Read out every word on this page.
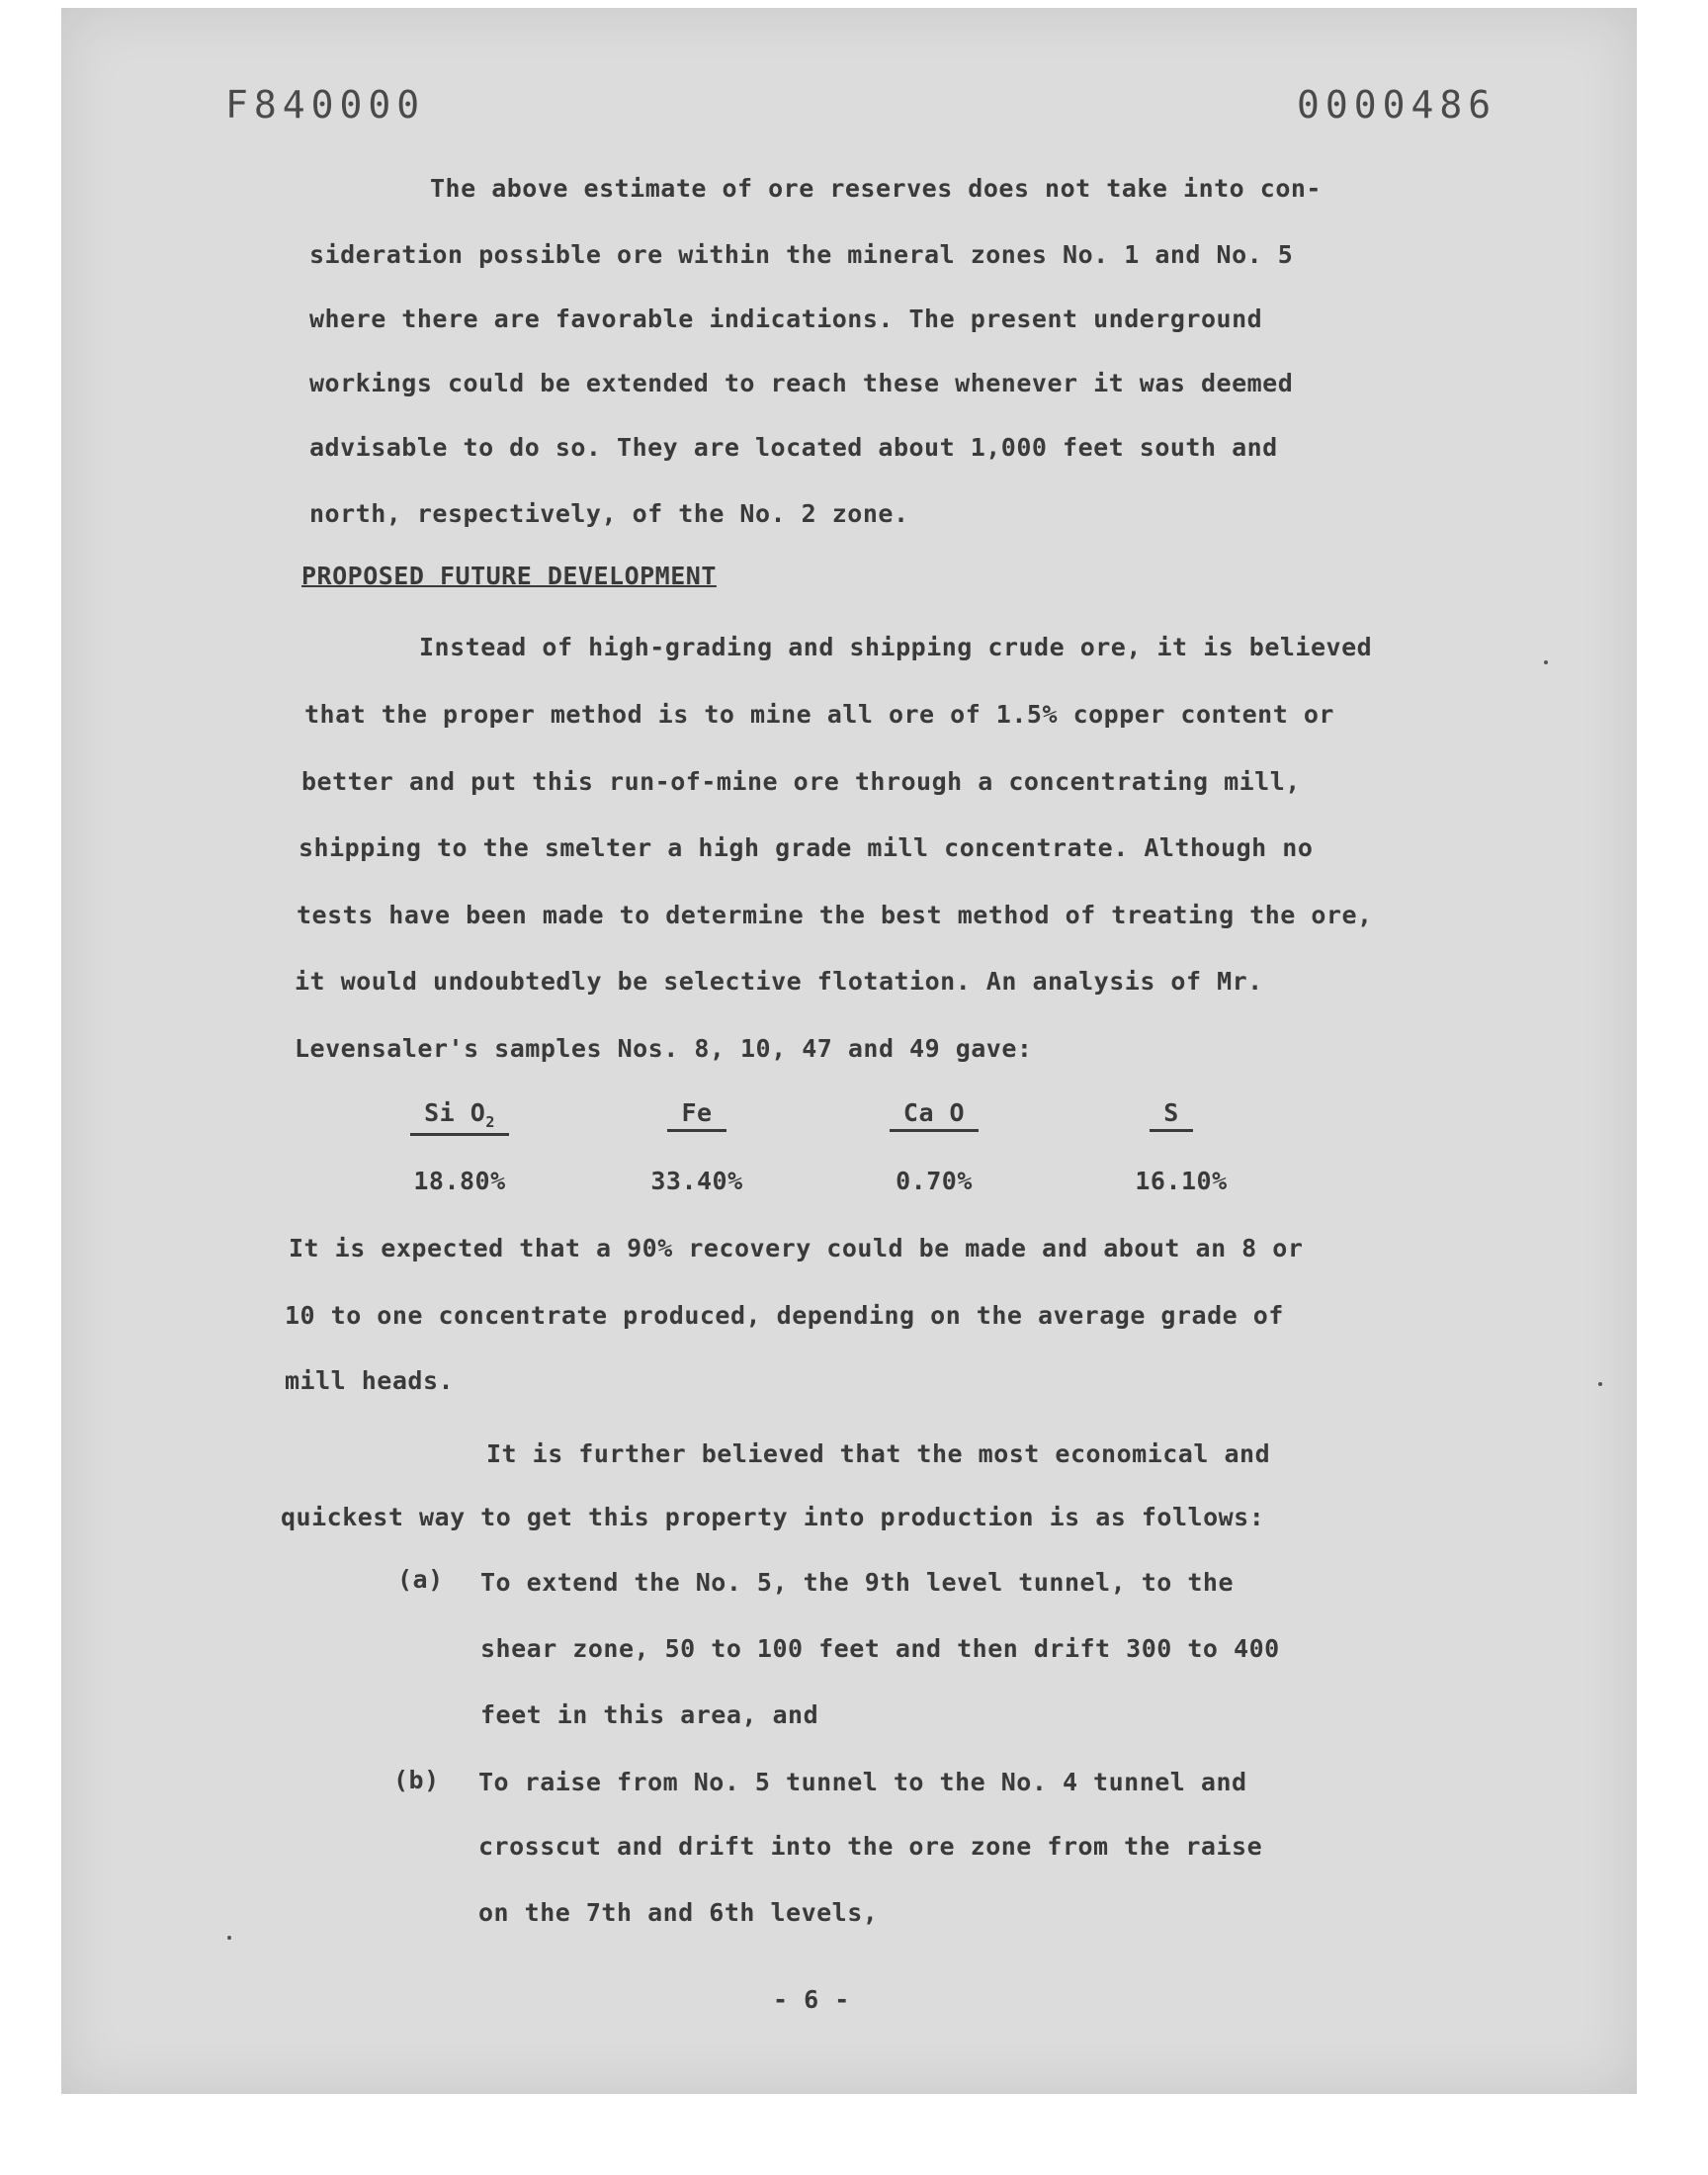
F840000	0000486
The above estimate of ore reserves does not take into con-
sideration possible ore within the mineral zones No. 1 and No. 5
where there are favorable indications. The present underground
workings could be extended to reach these whenever it was deemed
advisable to do so. They are located about 1,000 feet south and
north, respectively, of the No. 2 zone.
PROPOSED FUTURE DEVELOPMENT
Instead of high-grading and shipping crude ore, it is believed
that the proper method is to mine all ore of 1.5% copper content or
better and put this run-of-mine ore through a concentrating mill,
shipping to the smelter a high grade mill concentrate. Although no
tests have been made to determine the best method of treating the ore,
it would undoubtedly be selective flotation. An analysis of Mr.
Levensaler's samples Nos. 8, 10, 47 and 49 gave:
Si $O_2$	Fe	Ca O	S
18.80%	33.40%	0.70%	16.10%
It is expected that a 90% recovery could be made and about an 8 or
10 to one concentrate produced, depending on the average grade of
mill heads.
It is further believed that the most economical and
quickest way to get this property into production is as follows:
(a) To extend the No. 5, the 9th level tunnel, to the
shear zone, 50 to 100 feet and then drift 300 to 400
feet in this area, and
(b) To raise from No. 5 tunnel to the No. 4 tunnel and
crosscut and drift into the ore zone from the raise
on the 7th and 6th levels,
- 6 -
